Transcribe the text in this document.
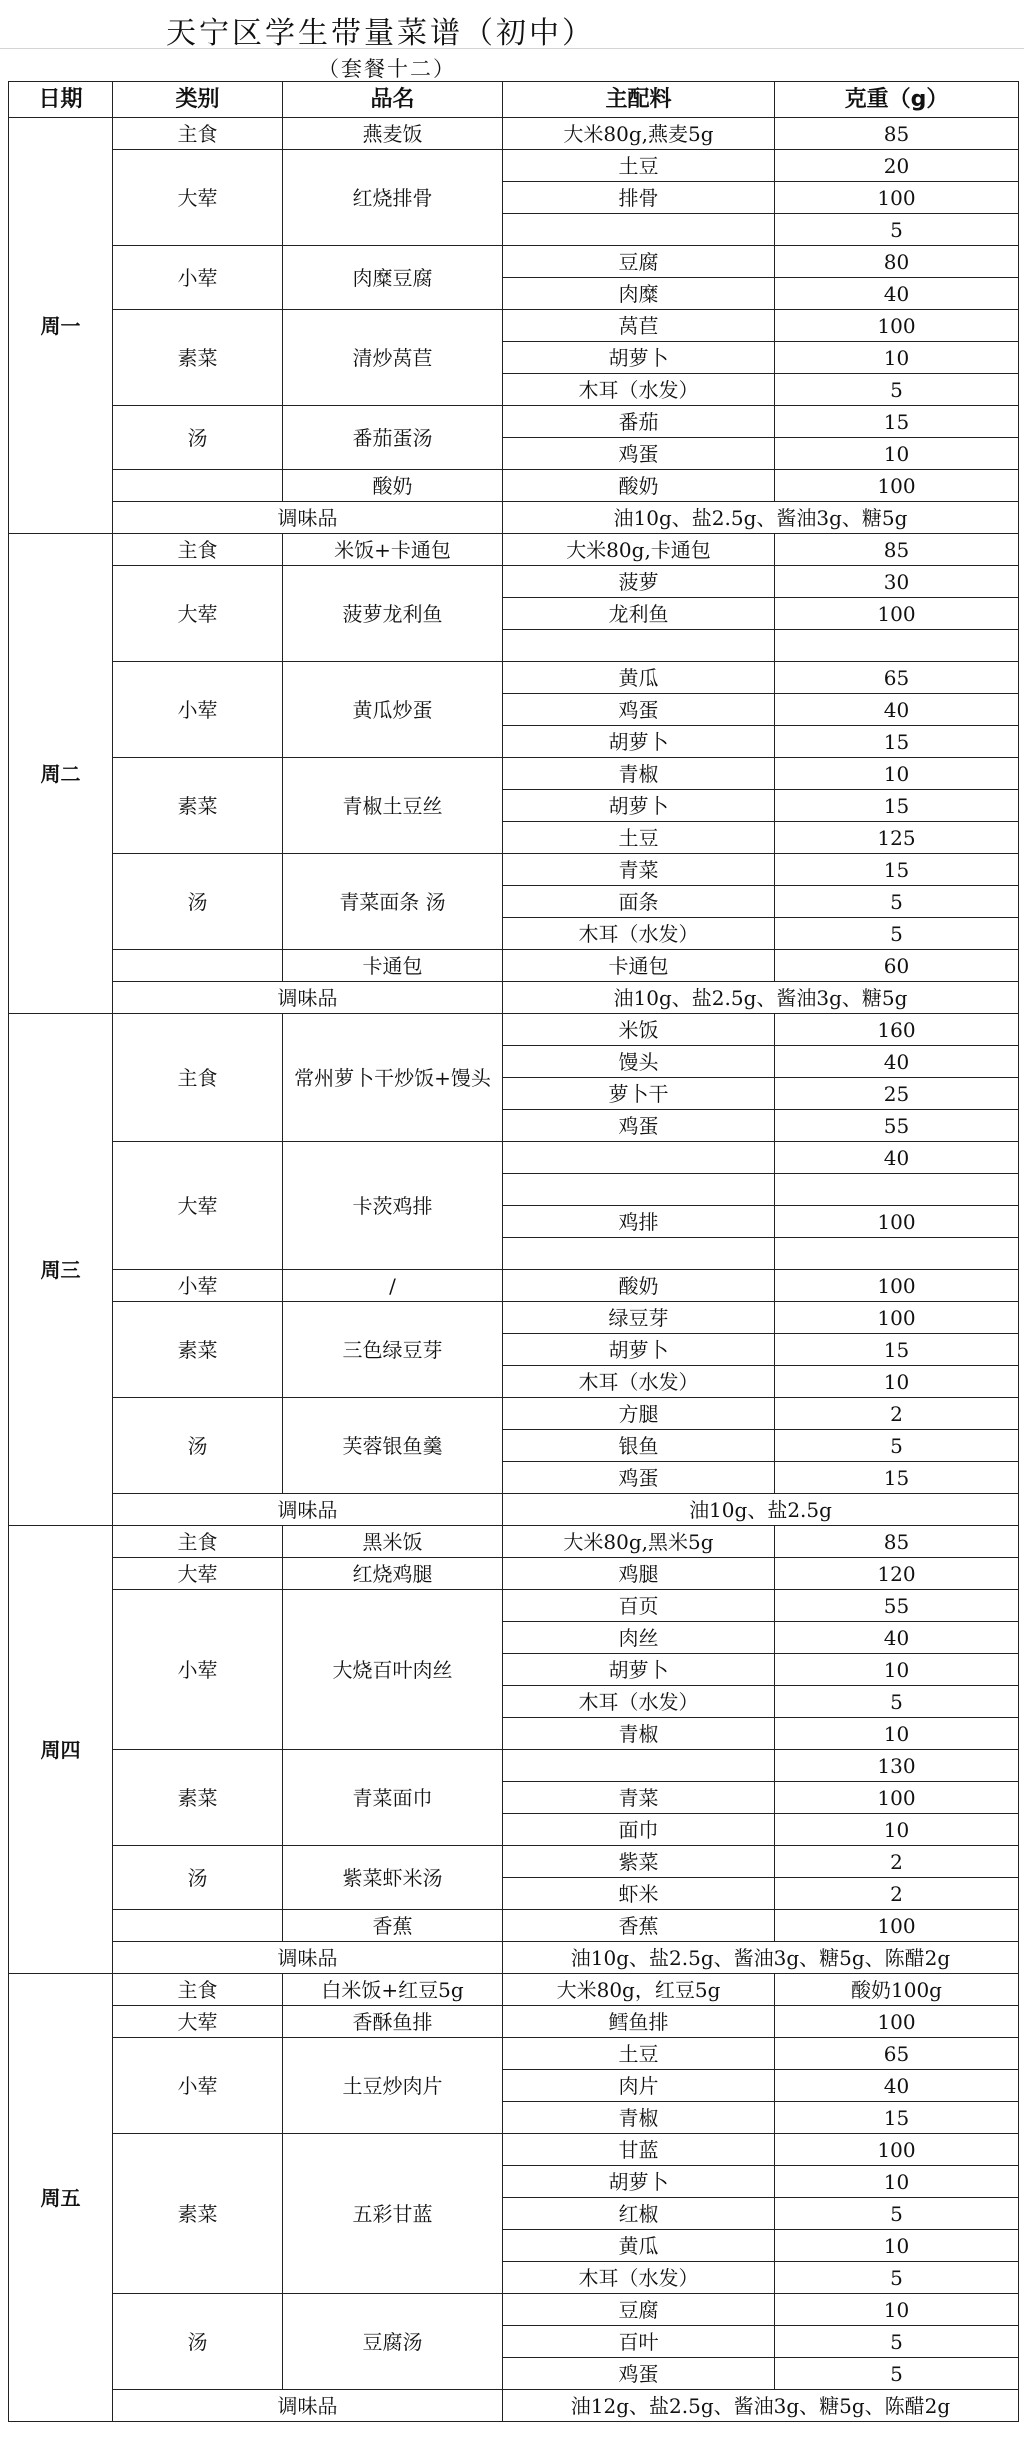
天宁区学生带量菜谱（初中）
（套餐十二）
日期	类别	品名	主配料	克重（g）
周一	主食	燕麦饭	大米80g,燕麦5g	85
	大荤	红烧排骨	土豆	20
			排骨	100
				5
	小荤	肉糜豆腐	豆腐	80
			肉糜	40
	素菜	清炒莴苣	莴苣	100
			胡萝卜	10
			木耳（水发）	5
	汤	番茄蛋汤	番茄	15
			鸡蛋	10
		酸奶	酸奶	100
	调味品		油10g、盐2.5g、酱油3g、糖5g	
周二	主食	米饭+卡通包	大米80g,卡通包	85
	大荤	菠萝龙利鱼	菠萝	30
			龙利鱼	100

	小荤	黄瓜炒蛋	黄瓜	65
			鸡蛋	40
			胡萝卜	15
	素菜	青椒土豆丝	青椒	10
			胡萝卜	15
			土豆	125
	汤	青菜面条 汤	青菜	15
			面条	5
			木耳（水发）	5
		卡通包	卡通包	60
	调味品		油10g、盐2.5g、酱油3g、糖5g	
周三	主食	常州萝卜干炒饭+馒头	米饭	160
			馒头	40
			萝卜干	25
			鸡蛋	55
	大荤	卡茨鸡排		40

			鸡排	100

	小荤	/	酸奶	100
	素菜	三色绿豆芽	绿豆芽	100
			胡萝卜	15
			木耳（水发）	10
	汤	芙蓉银鱼羹	方腿	2
			银鱼	5
			鸡蛋	15
	调味品		油10g、盐2.5g	
周四	主食	黑米饭	大米80g,黑米5g	85
	大荤	红烧鸡腿	鸡腿	120
	小荤	大烧百叶肉丝	百页	55
			肉丝	40
			胡萝卜	10
			木耳（水发）	5
			青椒	10
	素菜	青菜面巾		130
			青菜	100
			面巾	10
	汤	紫菜虾米汤	紫菜	2
			虾米	2
		香蕉	香蕉	100
	调味品		油10g、盐2.5g、酱油3g、糖5g、陈醋2g	
周五	主食	白米饭+红豆5g	大米80g，红豆5g	酸奶100g
	大荤	香酥鱼排	鳕鱼排	100
	小荤	土豆炒肉片	土豆	65
			肉片	40
			青椒	15
	素菜	五彩甘蓝	甘蓝	100
			胡萝卜	10
			红椒	5
			黄瓜	10
			木耳（水发）	5
	汤	豆腐汤	豆腐	10
			百叶	5
			鸡蛋	5
	调味品		油12g、盐2.5g、酱油3g、糖5g、陈醋2g	
